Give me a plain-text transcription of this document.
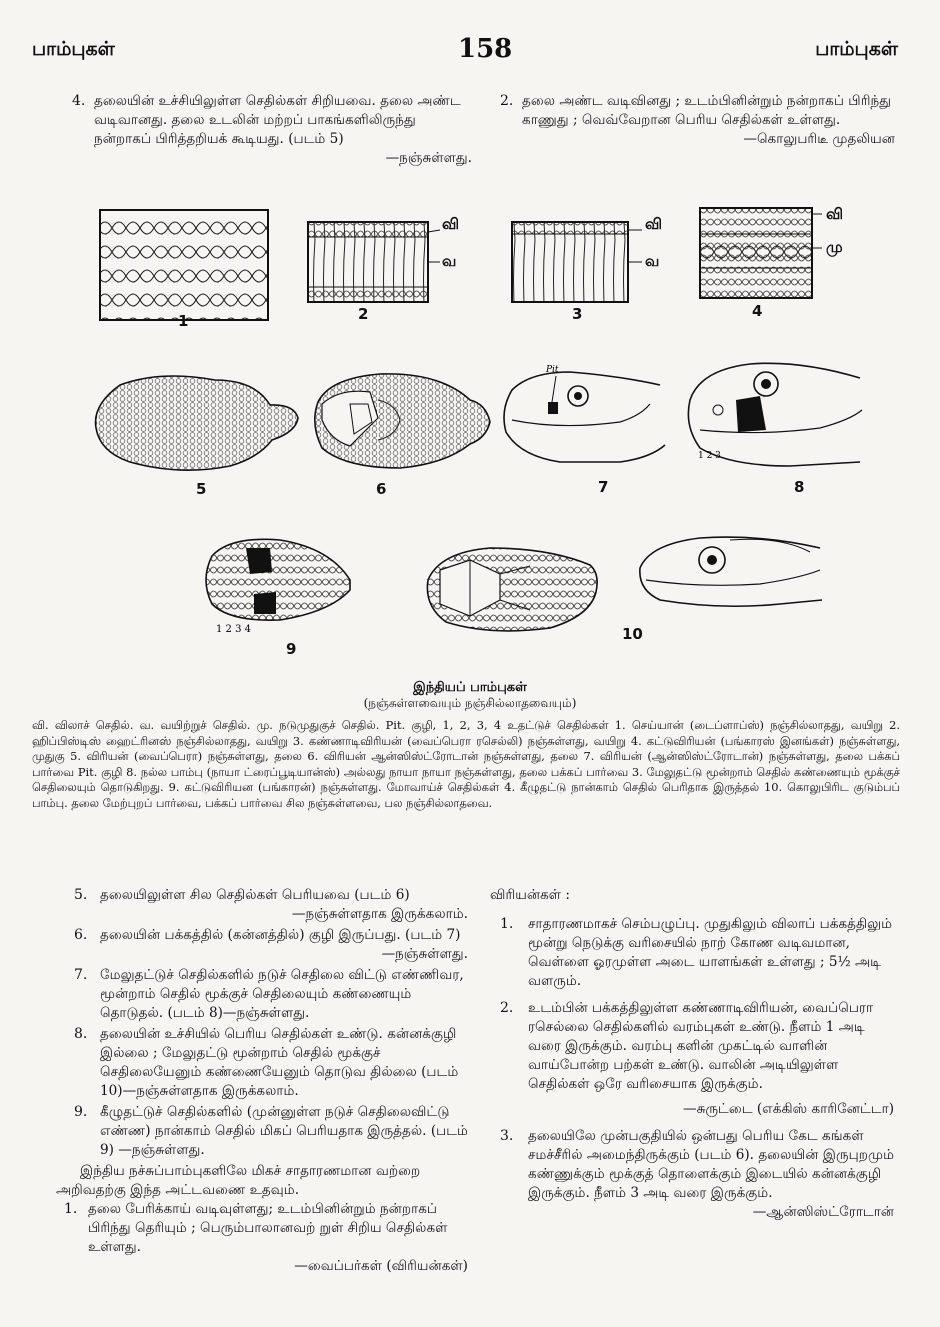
பாம்புகள்	158	பாம்புகள்
4. தலையின் உச்சியிலுள்ள செதில்கள் சிறியவை. தலை அண்ட வடிவானது. தலை உடலின் மற்றப் பாகங்களிலிருந்து நன்றாகப் பிரித்தறியக் கூடியது. (படம் 5)
—நஞ்சுள்ளது.
2. தலை அண்ட வடிவினது ; உடம்பினின்றும் நன்றாகப் பிரிந்து காணுது ; வெவ்வேறான பெரிய செதில்கள் உள்ளது.
—கொலுபரிடீ முதலியன
Pit
1 2 3
1 2 3 4
வி
வ
வி
வ
வி
மு
1	2	3	4
5	6	7	8
9
10
இந்தியப் பாம்புகள்
(நஞ்சுள்ளவையும் நஞ்சில்லாதவையும்)
வி. விலாச் செதில். வ. வயிற்றுச் செதில். மு. நடுமுதுகுச் செதில். Pit. குழி, 1, 2, 3, 4 உதட்டுச் செதில்கள் 1. செய்யான் (டைப்ளாப்ஸ்) நஞ்சில்லாதது, வயிறு 2. ஹிப்பிஸ்டிஸ் ஹைட்ரினஸ் நஞ்சில்லாதது, வயிறு 3. கண்ணாடிவிரியன் (வைப்பெரா ரசெல்லி) நஞ்சுள்ளது, வயிறு 4. கட்டுவிரியன் (பங்காரஸ் இனங்கள்) நஞ்சுள்ளது, முதுகு 5. விரியன் (வைப்பெரா) நஞ்சுள்ளது, தலை 6. விரியன் ஆன்ஸிஸ்ட்ரோடான் நஞ்சுள்ளது, தலை 7. விரியன் (ஆன்ஸிஸ்ட்ரோடான்) நஞ்சுள்ளது, தலை பக்கப் பார்வை Pit. குழி 8. நல்ல பாம்பு (நாயா ட்ரைப்பூடியான்ஸ்) அல்லது நாயா நாயா நஞ்சுள்ளது, தலை பக்கப் பார்வை 3. மேலுதட்டு மூன்றாம் செதில் கண்ணையும் மூக்குச் செதிலையும் தொடுகிறது. 9. கட்டுவிரியன (பங்காரன்) நஞ்சுள்ளது. மோவாய்ச் செதில்கள் 4. கீழுதட்டு நான்காம் செதில் பெரிதாக இருத்தல் 10. கொலுபிரிட குடும்பப் பாம்பு. தலை மேற்புறப் பார்வை, பக்கப் பார்வை சில நஞ்சுள்ளவை, பல நஞ்சில்லாதவை.
5. தலையிலுள்ள சில செதில்கள் பெரியவை (படம் 6)
—நஞ்சுள்ளதாக இருக்கலாம்.
6. தலையின் பக்கத்தில் (கன்னத்தில்) குழி இருப்பது. (படம் 7)
—நஞ்சுள்ளது.
7. மேலுதட்டுச் செதில்களில் நடுச் செதிலை விட்டு எண்ணிவர, மூன்றாம் செதில் மூக்குச் செதிலையும் கண்ணையும் தொடுதல். (படம் 8)—நஞ்சுள்ளது.
8. தலையின் உச்சியில் பெரிய செதில்கள் உண்டு. கன்னக்குழி இல்லை ; மேலுதட்டு மூன்றாம் செதில் மூக்குச் செதிலையேனும் கண்ணையேனும் தொடுவ தில்லை (படம் 10)—நஞ்சுள்ளதாக இருக்கலாம்.
9. கீழுதட்டுச் செதில்களில் (முன்னுள்ள நடுச் செதிலைவிட்டு எண்ண) நான்காம் செதில் மிகப் பெரியதாக இருத்தல். (படம் 9) —நஞ்சுள்ளது.
இந்திய நச்சுப்பாம்புகளிலே மிகச் சாதாரணமான வற்றை அறிவதற்கு இந்த அட்டவணை உதவும்.
1. தலை பேரிக்காய் வடிவுள்ளது; உடம்பினின்றும் நன்றாகப் பிரிந்து தெரியும் ; பெரும்பாலானவற் றுள் சிறிய செதில்கள் உள்ளது.
—வைப்பர்கள் (விரியன்கள்)
விரியன்கள் :
1. சாதாரணமாகச் செம்பழுப்பு. முதுகிலும் விலாப் பக்கத்திலும் மூன்று நெடுக்கு வரிசையில் நாற் கோண வடிவமான, வெள்ளை ஓரமுள்ள அடை யாளங்கள் உள்ளது ; 5½ அடி வளரும்.
2. உடம்பின் பக்கத்திலுள்ள கண்ணாடிவிரியன், வைப்பெரா ரசெல்லை செதில்களில் வரம்புகள் உண்டு. நீளம் 1 அடி வரை இருக்கும். வரம்பு களின் முகட்டில் வாளின் வாய்போன்ற பற்கள் உண்டு. வாலின் அடியிலுள்ள செதில்கள் ஒரே வரிசையாக இருக்கும்.
—சுருட்டை (எக்கிஸ் காரினேட்டா)
3. தலையிலே முன்பகுதியில் ஒன்பது பெரிய கேட கங்கள் சமச்சீரில் அமைந்திருக்கும் (படம் 6). தலையின் இருபுறமும் கண்ணுக்கும் மூக்குத் தொளைக்கும் இடையில் கன்னக்குழி இருக்கும். நீளம் 3 அடி வரை இருக்கும்.
—ஆன்ஸிஸ்ட்ரோடான்
